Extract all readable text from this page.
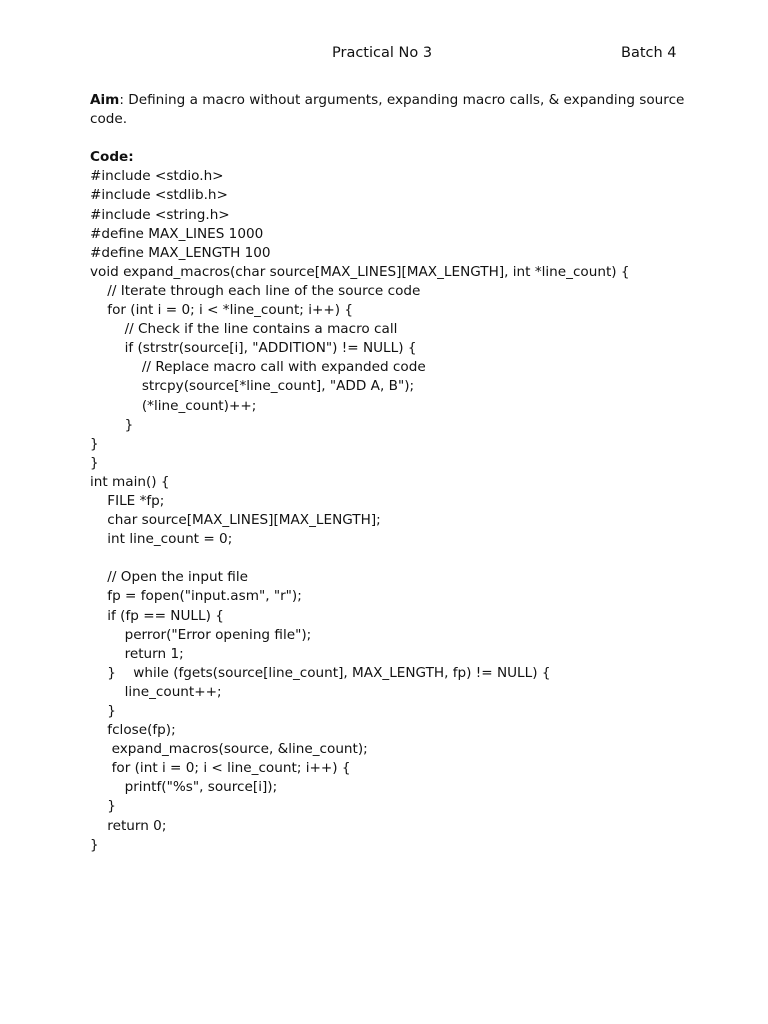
Practical No 3	Batch 4

Aim: Defining a macro without arguments, expanding macro calls, & expanding source code.

Code:
#include <stdio.h>
#include <stdlib.h>
#include <string.h>
#define MAX_LINES 1000
#define MAX_LENGTH 100
void expand_macros(char source[MAX_LINES][MAX_LENGTH], int *line_count) {
// Iterate through each line of the source code
for (int i = 0; i < *line_count; i++) {
// Check if the line contains a macro call
if (strstr(source[i], "ADDITION") != NULL) {
// Replace macro call with expanded code
strcpy(source[*line_count], "ADD A, B");
(*line_count)++;
}
}
}
int main() {
FILE *fp;
char source[MAX_LINES][MAX_LENGTH];
int line_count = 0;
// Open the input file
fp = fopen("input.asm", "r");
if (fp == NULL) {
perror("Error opening file");
return 1;
}    while (fgets(source[line_count], MAX_LENGTH, fp) != NULL) {
line_count++;
}
fclose(fp);
expand_macros(source, &line_count);
for (int i = 0; i < line_count; i++) {
printf("%s", source[i]);
}
return 0;
}
